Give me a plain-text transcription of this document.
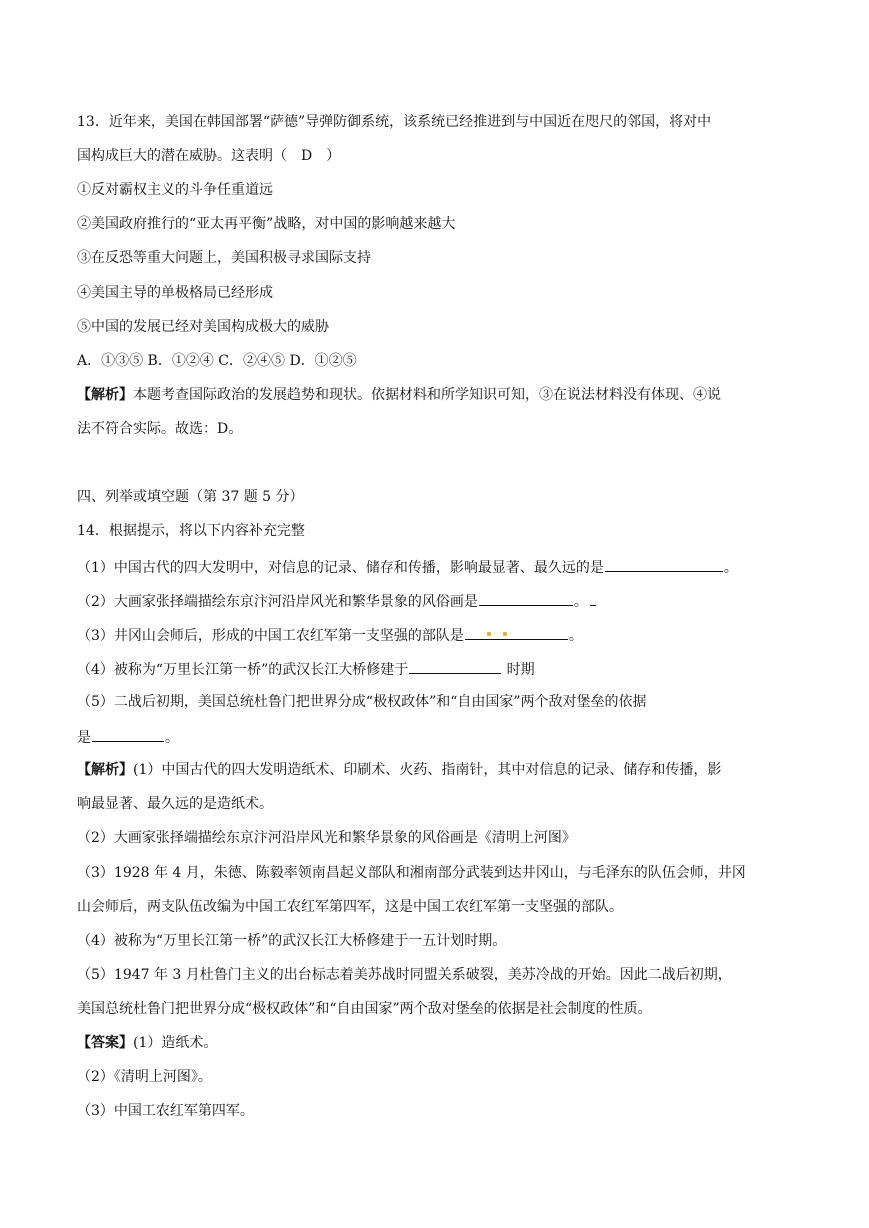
13．近年来，美国在韩国部署“萨德”导弹防御系统，该系统已经推进到与中国近在咫尺的邻国，将对中
国构成巨大的潜在威胁。这表明（　D　）
①反对霸权主义的斗争任重道远
②美国政府推行的“亚太再平衡”战略，对中国的影响越来越大
③在反恐等重大问题上，美国积极寻求国际支持
④美国主导的单极格局已经形成
⑤中国的发展已经对美国构成极大的威胁
A．①③⑤ B．①②④ C．②④⑤ D．①②⑤
【解析】本题考查国际政治的发展趋势和现状。依据材料和所学知识可知，③在说法材料没有体现、④说
法不符合实际。故选：D。
四、列举或填空题（第 37 题 5 分）
14．根据提示，将以下内容补充完整
（1）中国古代的四大发明中，对信息的记录、储存和传播，影响最显著、最久远的是	。
（2）大画家张择端描绘东京汴河沿岸风光和繁华景象的风俗画是	。
（3）井冈山会师后，形成的中国工农红军第一支坚强的部队是	。
（4）被称为“万里长江第一桥”的武汉长江大桥修建于	时期
（5）二战后初期，美国总统杜鲁门把世界分成“极权政体”和“自由国家”两个敌对堡垒的依据
是	。
【解析】(1）中国古代的四大发明造纸术、印刷术、火药、指南针，其中对信息的记录、储存和传播，影
响最显著、最久远的是造纸术。
（2）大画家张择端描绘东京汴河沿岸风光和繁华景象的风俗画是《清明上河图》
（3）1928 年 4 月，朱德、陈毅率领南昌起义部队和湘南部分武装到达井冈山，与毛泽东的队伍会师，井冈
山会师后，两支队伍改编为中国工农红军第四军，这是中国工农红军第一支坚强的部队。
（4）被称为“万里长江第一桥”的武汉长江大桥修建于一五计划时期。
（5）1947 年 3 月杜鲁门主义的出台标志着美苏战时同盟关系破裂，美苏冷战的开始。因此二战后初期，
美国总统杜鲁门把世界分成“极权政体”和“自由国家”两个敌对堡垒的依据是社会制度的性质。
【答案】(1）造纸术。
（2）《清明上河图》。
（3）中国工农红军第四军。
